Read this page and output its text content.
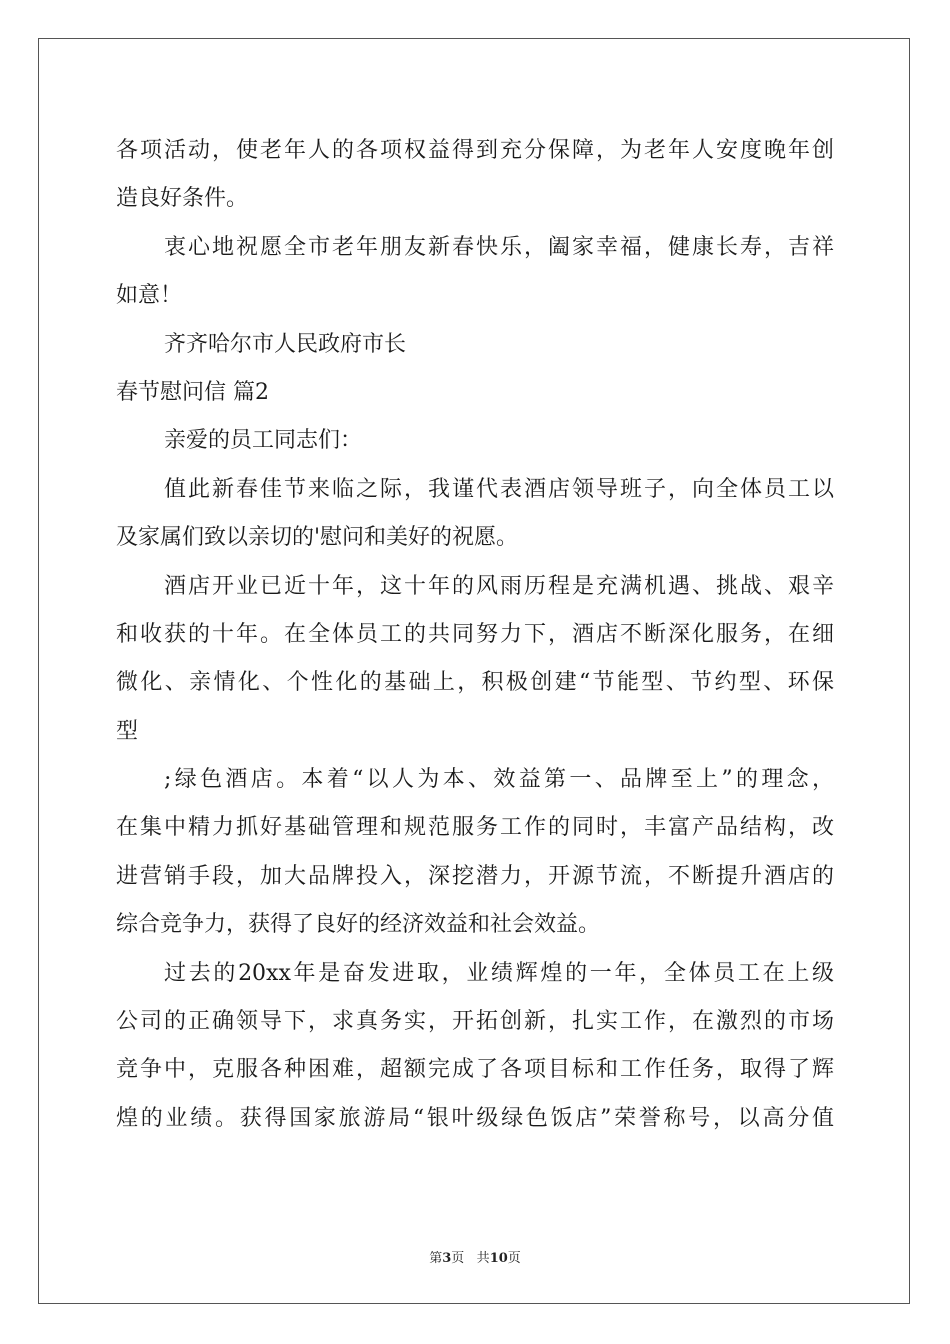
各项活动，使老年人的各项权益得到充分保障，为老年人安度晚年创
造良好条件。
衷心地祝愿全市老年朋友新春快乐，阖家幸福，健康长寿，吉祥
如意！
齐齐哈尔市人民政府市长
春节慰问信 篇2
亲爱的员工同志们：
值此新春佳节来临之际，我谨代表酒店领导班子，向全体员工以
及家属们致以亲切的'慰问和美好的祝愿。
酒店开业已近十年，这十年的风雨历程是充满机遇、挑战、艰辛
和收获的十年。在全体员工的共同努力下，酒店不断深化服务，在细
微化、亲情化、个性化的基础上，积极创建“节能型、节约型、环保
型
;绿色酒店。本着“以人为本、效益第一、品牌至上”的理念，
在集中精力抓好基础管理和规范服务工作的同时，丰富产品结构，改
进营销手段，加大品牌投入，深挖潜力，开源节流，不断提升酒店的
综合竞争力，获得了良好的经济效益和社会效益。
过去的20xx年是奋发进取，业绩辉煌的一年，全体员工在上级
公司的正确领导下，求真务实，开拓创新，扎实工作，在激烈的市场
竞争中，克服各种困难，超额完成了各项目标和工作任务，取得了辉
煌的业绩。获得国家旅游局“银叶级绿色饭店”荣誉称号，以高分值
第3页 共10页
